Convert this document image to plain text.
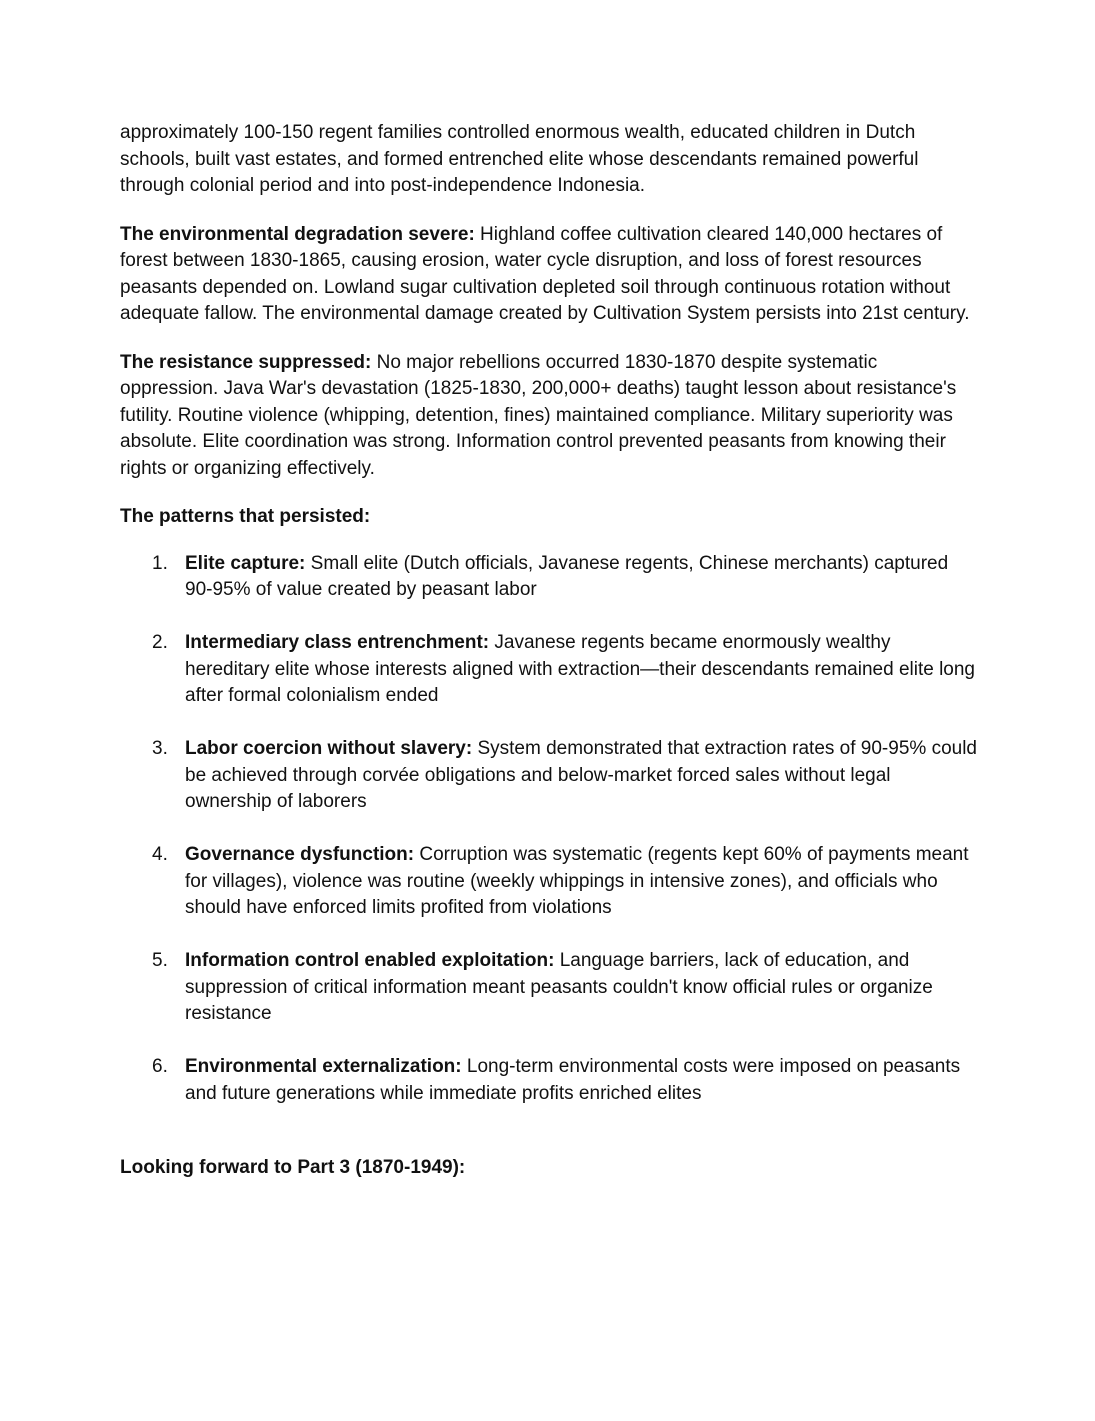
approximately 100-150 regent families controlled enormous wealth, educated children in Dutch schools, built vast estates, and formed entrenched elite whose descendants remained powerful through colonial period and into post-independence Indonesia.

The environmental degradation severe: Highland coffee cultivation cleared 140,000 hectares of forest between 1830-1865, causing erosion, water cycle disruption, and loss of forest resources peasants depended on. Lowland sugar cultivation depleted soil through continuous rotation without adequate fallow. The environmental damage created by Cultivation System persists into 21st century.

The resistance suppressed: No major rebellions occurred 1830-1870 despite systematic oppression. Java War's devastation (1825-1830, 200,000+ deaths) taught lesson about resistance's futility. Routine violence (whipping, detention, fines) maintained compliance. Military superiority was absolute. Elite coordination was strong. Information control prevented peasants from knowing their rights or organizing effectively.

The patterns that persisted:

1. Elite capture: Small elite (Dutch officials, Javanese regents, Chinese merchants) captured 90-95% of value created by peasant labor
2. Intermediary class entrenchment: Javanese regents became enormously wealthy hereditary elite whose interests aligned with extraction—their descendants remained elite long after formal colonialism ended
3. Labor coercion without slavery: System demonstrated that extraction rates of 90-95% could be achieved through corvée obligations and below-market forced sales without legal ownership of laborers
4. Governance dysfunction: Corruption was systematic (regents kept 60% of payments meant for villages), violence was routine (weekly whippings in intensive zones), and officials who should have enforced limits profited from violations
5. Information control enabled exploitation: Language barriers, lack of education, and suppression of critical information meant peasants couldn't know official rules or organize resistance
6. Environmental externalization: Long-term environmental costs were imposed on peasants and future generations while immediate profits enriched elites

Looking forward to Part 3 (1870-1949):
